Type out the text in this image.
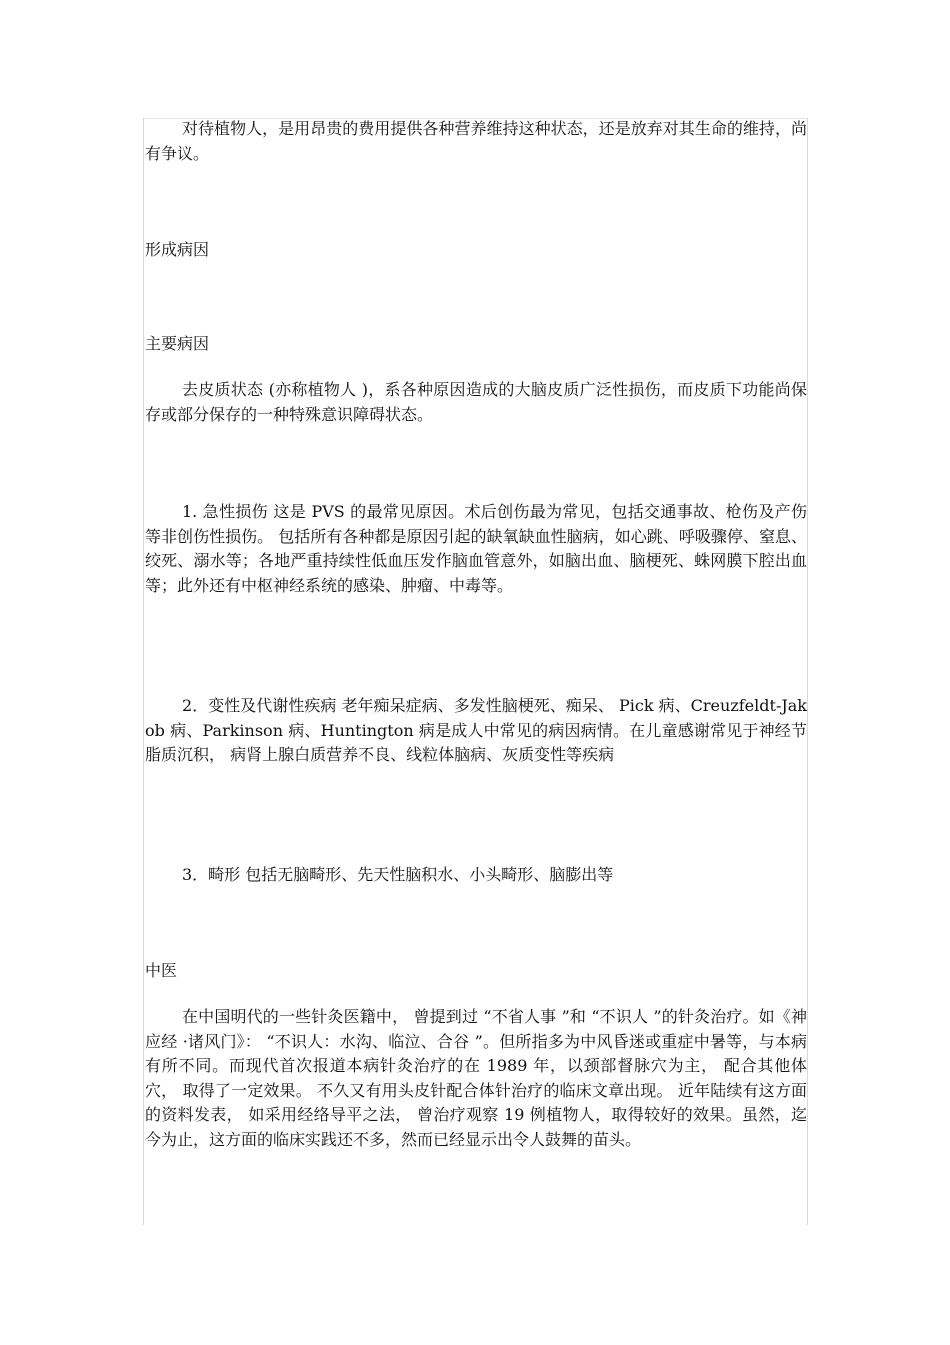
对待植物人，是用昂贵的费用提供各种营养维持这种状态，还是放弃对其生命的维持，尚有争议。

形成病因
主要病因

去皮质状态 (亦称植物人 )，系各种原因造成的大脑皮质广泛性损伤，而皮质下功能尚保存或部分保存的一种特殊意识障碍状态。

1. 急性损伤 这是 PVS 的最常见原因。术后创伤最为常见，包括交通事故、枪伤及产伤等非创伤性损伤。 包括所有各种都是原因引起的缺氧缺血性脑病，如心跳、呼吸骤停、窒息、绞死、溺水等；各地严重持续性低血压发作脑血管意外，如脑出血、脑梗死、蛛网膜下腔出血等；此外还有中枢神经系统的感染、肿瘤、中毒等。

2．变性及代谢性疾病 老年痴呆症病、多发性脑梗死、痴呆、 Pick 病、Creuzfeldt-Jakob 病、Parkinson 病、Huntington 病是成人中常见的病因病情。在儿童感谢常见于神经节脂质沉积， 病肾上腺白质营养不良、线粒体脑病、灰质变性等疾病

3．畸形 包括无脑畸形、先天性脑积水、小头畸形、脑膨出等

中医

在中国明代的一些针灸医籍中， 曾提到过 “不省人事 ”和 “不识人 ”的针灸治疗。如《神应经 ·诸风门》： “不识人：水沟、临泣、合谷 ”。但所指多为中风昏迷或重症中暑等，与本病有所不同。而现代首次报道本病针灸治疗的在 1989 年，以颈部督脉穴为主， 配合其他体穴， 取得了一定效果。 不久又有用头皮针配合体针治疗的临床文章出现。 近年陆续有这方面的资料发表， 如采用经络导平之法， 曾治疗观察 19 例植物人，取得较好的效果。虽然，迄今为止，这方面的临床实践还不多，然而已经显示出令人鼓舞的苗头。
